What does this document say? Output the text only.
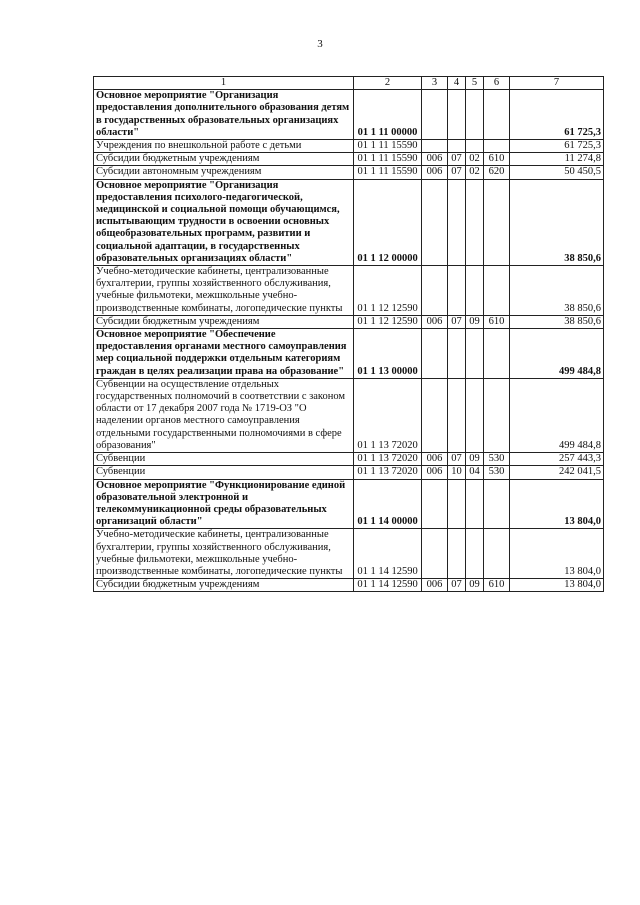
3
1	2	3	4	5	6	7
Основное мероприятие "Организация предоставления дополнительного образования детям в государственных образовательных организациях области"	01 1 11 00000					61 725,3
Учреждения по внешкольной работе с детьми	01 1 11 15590					61 725,3
Субсидии бюджетным учреждениям	01 1 11 15590	006	07	02	610	11 274,8
Субсидии автономным учреждениям	01 1 11 15590	006	07	02	620	50 450,5
Основное мероприятие "Организация предоставления психолого-педагогической, медицинской и социальной помощи обучающимся, испытывающим трудности в освоении основных общеобразовательных программ, развитии и социальной адаптации, в государственных образовательных организациях области"	01 1 12 00000					38 850,6
Учебно-методические кабинеты, централизованные бухгалтерии, группы хозяйственного обслуживания, учебные фильмотеки, межшкольные учебно-производственные комбинаты, логопедические пункты	01 1 12 12590					38 850,6
Субсидии бюджетным учреждениям	01 1 12 12590	006	07	09	610	38 850,6
Основное мероприятие "Обеспечение предоставления органами местного самоуправления мер социальной поддержки отдельным категориям граждан в целях реализации права на образование"	01 1 13 00000					499 484,8
Субвенции на осуществление отдельных государственных полномочий в соответствии с законом области от 17 декабря 2007 года № 1719-ОЗ "О наделении органов местного самоуправления отдельными государственными полномочиями в сфере образования"	01 1 13 72020					499 484,8
Субвенции	01 1 13 72020	006	07	09	530	257 443,3
Субвенции	01 1 13 72020	006	10	04	530	242 041,5
Основное мероприятие "Функционирование единой образовательной электронной и телекоммуникационной среды образовательных организаций области"	01 1 14 00000					13 804,0
Учебно-методические кабинеты, централизованные бухгалтерии, группы хозяйственного обслуживания, учебные фильмотеки, межшкольные учебно-производственные комбинаты, логопедические пункты	01 1 14 12590					13 804,0
Субсидии бюджетным учреждениям	01 1 14 12590	006	07	09	610	13 804,0
